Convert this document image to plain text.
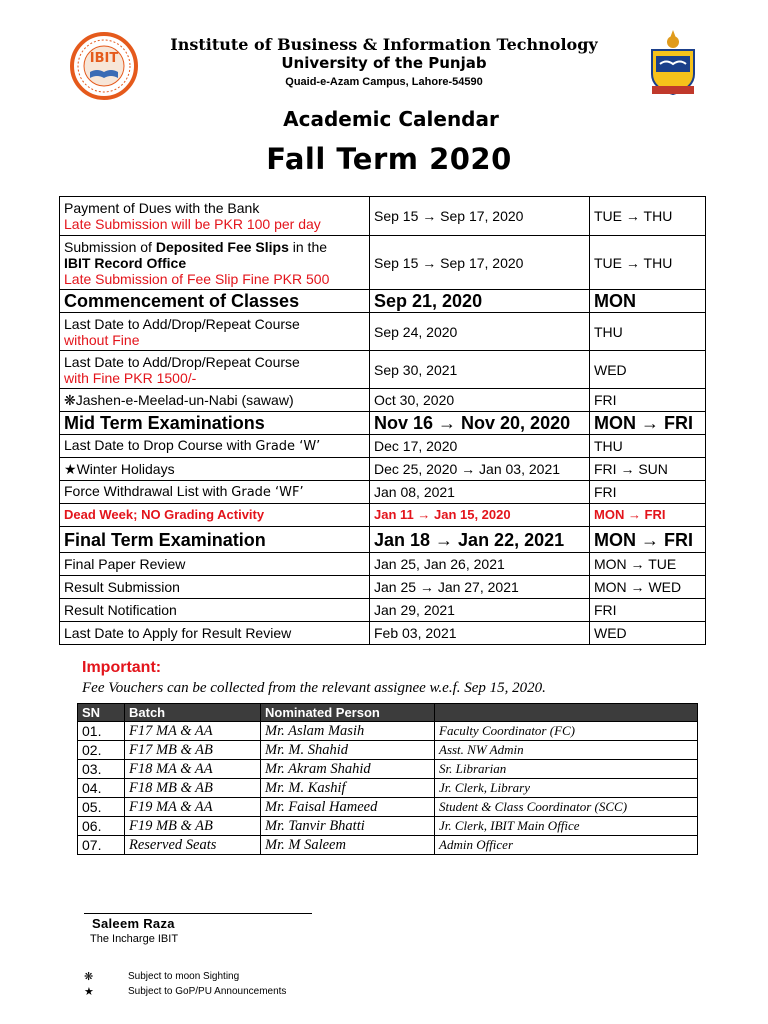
IBIT
Institute of Business & Information Technology
University of the Punjab
Quaid-e-Azam Campus, Lahore-54590
Academic Calendar
Fall Term 2020
Payment of Dues with the Bank
Late Submission will be PKR 100 per day	Sep 15 → Sep 17, 2020	TUE → THU

Submission of Deposited Fee Slips in the
IBIT Record Office
Late Submission of Fee Slip Fine PKR 500	Sep 15 → Sep 17, 2020	TUE → THU
Commencement of Classes	Sep 21, 2020	MON

Last Date to Add/Drop/Repeat Course
without Fine	Sep 24, 2020	THU

Last Date to Add/Drop/Repeat Course
with Fine PKR 1500/-	Sep 30, 2021	WED
❋Jashen-e-Meelad-un-Nabi (sawaw)	Oct 30, 2020	FRI
Mid Term Examinations	Nov 16 → Nov 20, 2020	MON → FRI
Last Date to Drop Course with Grade ‘W’	Dec 17, 2020	THU
★Winter Holidays	Dec 25, 2020 → Jan 03, 2021	FRI → SUN
Force Withdrawal List with Grade ‘WF’	Jan 08, 2021	FRI
Dead Week; NO Grading Activity	Jan 11 → Jan 15, 2020	MON → FRI
Final Term Examination	Jan 18 → Jan 22, 2021	MON → FRI
Final Paper Review	Jan 25, Jan 26, 2021	MON → TUE
Result Submission	Jan 25 → Jan 27, 2021	MON → WED
Result Notification	Jan 29, 2021	FRI
Last Date to Apply for Result Review	Feb 03, 2021	WED
Important:
Fee Vouchers can be collected from the relevant assignee w.e.f. Sep 15, 2020.
SN	Batch	Nominated Person	
01.	F17 MA & AA	Mr. Aslam Masih	Faculty Coordinator (FC)
02.	F17 MB & AB	Mr. M. Shahid	Asst. NW Admin
03.	F18 MA & AA	Mr. Akram Shahid	Sr. Librarian
04.	F18 MB & AB	Mr. M. Kashif	Jr. Clerk, Library
05.	F19 MA & AA	Mr. Faisal Hameed	Student & Class Coordinator (SCC)
06.	F19 MB & AB	Mr. Tanvir Bhatti	Jr. Clerk, IBIT Main Office
07.	Reserved Seats	Mr. M Saleem	Admin Officer
Saleem Raza
The Incharge IBIT
❋	Subject to moon Sighting
★	Subject to GoP/PU Announcements
